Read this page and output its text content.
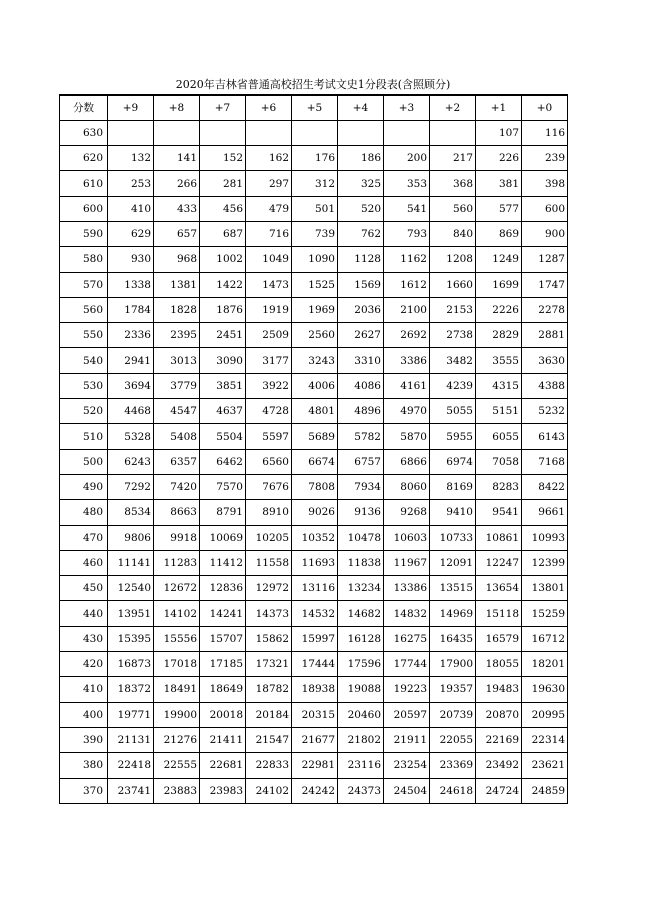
2020年吉林省普通高校招生考试文史1分段表(含照顾分)
分数	+9	+8	+7	+6	+5	+4	+3	+2	+1	+0
630									107	116
620	132	141	152	162	176	186	200	217	226	239
610	253	266	281	297	312	325	353	368	381	398
600	410	433	456	479	501	520	541	560	577	600
590	629	657	687	716	739	762	793	840	869	900
580	930	968	1002	1049	1090	1128	1162	1208	1249	1287
570	1338	1381	1422	1473	1525	1569	1612	1660	1699	1747
560	1784	1828	1876	1919	1969	2036	2100	2153	2226	2278
550	2336	2395	2451	2509	2560	2627	2692	2738	2829	2881
540	2941	3013	3090	3177	3243	3310	3386	3482	3555	3630
530	3694	3779	3851	3922	4006	4086	4161	4239	4315	4388
520	4468	4547	4637	4728	4801	4896	4970	5055	5151	5232
510	5328	5408	5504	5597	5689	5782	5870	5955	6055	6143
500	6243	6357	6462	6560	6674	6757	6866	6974	7058	7168
490	7292	7420	7570	7676	7808	7934	8060	8169	8283	8422
480	8534	8663	8791	8910	9026	9136	9268	9410	9541	9661
470	9806	9918	10069	10205	10352	10478	10603	10733	10861	10993
460	11141	11283	11412	11558	11693	11838	11967	12091	12247	12399
450	12540	12672	12836	12972	13116	13234	13386	13515	13654	13801
440	13951	14102	14241	14373	14532	14682	14832	14969	15118	15259
430	15395	15556	15707	15862	15997	16128	16275	16435	16579	16712
420	16873	17018	17185	17321	17444	17596	17744	17900	18055	18201
410	18372	18491	18649	18782	18938	19088	19223	19357	19483	19630
400	19771	19900	20018	20184	20315	20460	20597	20739	20870	20995
390	21131	21276	21411	21547	21677	21802	21911	22055	22169	22314
380	22418	22555	22681	22833	22981	23116	23254	23369	23492	23621
370	23741	23883	23983	24102	24242	24373	24504	24618	24724	24859
